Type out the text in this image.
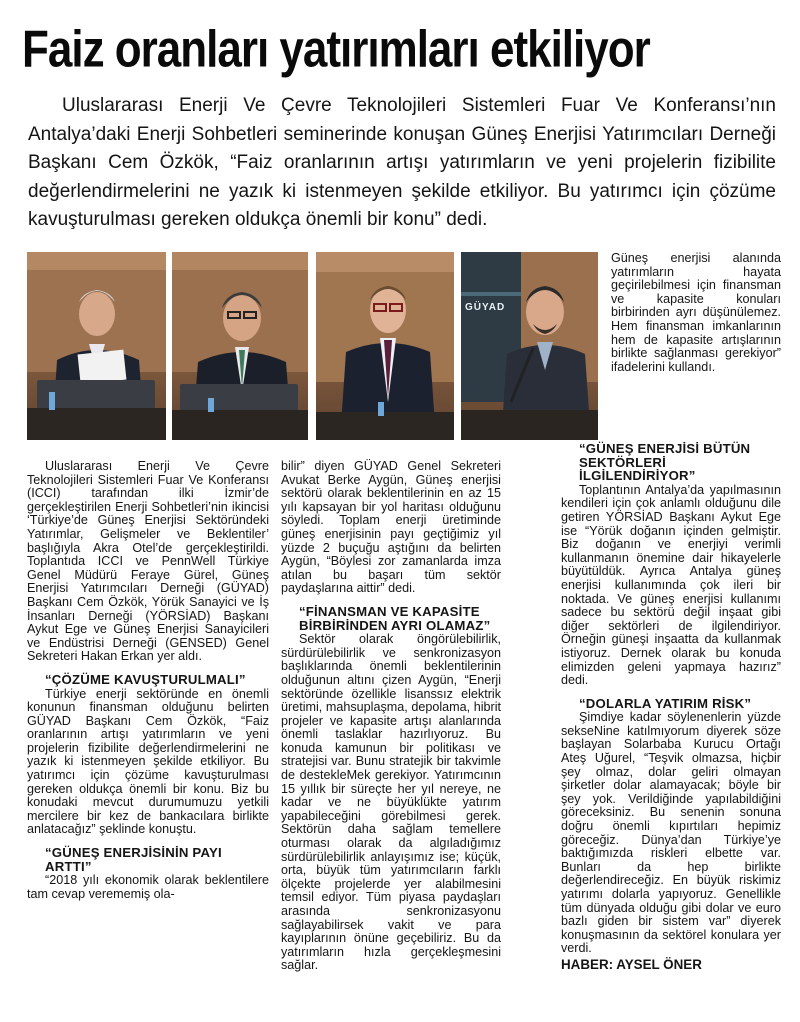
Faiz oranları yatırımları etkiliyor

Uluslararası Enerji Ve Çevre Teknolojileri Sistemleri Fuar Ve Konferansı’nın Antalya’daki Enerji Sohbetleri seminerinde konuşan Güneş Enerjisi Yatırımcıları Derneği Başkanı Cem Özkök, “Faiz oranlarının artışı yatırımların ve yeni projelerin fizibilite değerlendirmelerini ne yazık ki istenmeyen şekilde etkiliyor. Bu yatırımcı için çözüme kavuşturulması gereken oldukça önemli bir konu” dedi.

GÜYAD

Uluslararası Enerji Ve Çevre Teknolojileri Sistemleri Fuar Ve Konferansı (ICCI) tarafından ilki İzmir’de gerçekleştirilen Enerji Sohbetleri’nin ikincisi ‘Türkiye’de Güneş Enerjisi Sektöründeki Yatırımlar, Gelişmeler ve Beklentiler’ başlığıyla Akra Otel’de gerçekleştirildi. Toplantıda ICCI ve PennWell Türkiye Genel Müdürü Feraye Gürel, Güneş Enerjisi Yatırımcıları Derneği (GÜYAD) Başkanı Cem Özkök, Yörük Sanayici ve İş İnsanları Derneği (YÖRSİAD) Başkanı Aykut Ege ve Güneş Enerjisi Sanayicileri ve Endüstrisi Derneği (GENSED) Genel Sekreteri Hakan Erkan yer aldı.

“ÇÖZÜME KAVUŞTURULMALI”

Türkiye enerji sektöründe en önemli konunun finansman olduğunu belirten GÜYAD Başkanı Cem Özkök, “Faiz oranlarının artışı yatırımların ve yeni projelerin fizibilite değerlendirmelerini ne yazık ki istenmeyen şekilde etkiliyor. Bu yatırımcı için çözüme kavuşturulması gereken oldukça önemli bir konu. Biz bu konudaki mevcut durumumuzu yetkili mercilere bir kez de bankacılara birlikte anlatacağız” şeklinde konuştu.

“GÜNEŞ ENERJİSİNİN PAYI ARTTI”

“2018 yılı ekonomik olarak beklentilere tam cevap verememiş ola-

bilir” diyen GÜYAD Genel Sekreteri Avukat Berke Aygün, Güneş enerjisi sektörü olarak beklentilerinin en az 15 yılı kapsayan bir yol haritası olduğunu söyledi. Toplam enerji üretiminde güneş enerjisinin payı geçtiğimiz yıl yüzde 2 buçuğu aştığını da belirten Aygün, “Böylesi zor zamanlarda imza atılan bu başarı tüm sektör paydaşlarına aittir” dedi.

“FİNANSMAN VE KAPASİTE BİRBİRİNDEN AYRI OLAMAZ”

Sektör olarak öngörülebilirlik, sürdürülebilirlik ve senkronizasyon başlıklarında önemli beklentilerinin olduğunun altını çizen Aygün, “Enerji sektöründe özellikle lisanssız elektrik üretimi, mahsuplaşma, depolama, hibrit projeler ve kapasite artışı alanlarında önemli taslaklar hazırlıyoruz. Bu konuda kamunun bir politikası ve stratejisi var. Bunu stratejik bir takvimle de destekleMek gerekiyor. Yatırımcının 15 yıllık bir süreçte her yıl nereye, ne kadar ve ne büyüklükte yatırım yapabileceğini görebilmesi gerek. Sektörün daha sağlam temellere oturması olarak da algıladığımız sürdürülebilirlik anlayışımız ise; küçük, orta, büyük tüm yatırımcıların farklı ölçekte projelerde yer alabilmesini temsil ediyor. Tüm piyasa paydaşları arasında senkronizasyonu sağlayabilirsek vakit ve para kayıplarının önüne geçebiliriz. Bu da yatırımların hızla gerçekleşmesini sağlar.

Güneş enerjisi alanında yatırımların hayata geçirilebilmesi için finansman ve kapasite konuları birbirinden ayrı düşünülemez. Hem finansman imkanlarının hem de kapasite artışlarının birlikte sağlanması gerekiyor” ifadelerini kullandı.

“GÜNEŞ ENERJİSİ BÜTÜN SEKTÖRLERİ İLGİLENDİRİYOR”

Toplantının Antalya’da yapılmasının kendileri için çok anlamlı olduğunu dile getiren YÖRSİAD Başkanı Aykut Ege ise “Yörük doğanın içinden gelmiştir. Biz doğanın ve enerjiyi verimli kullanmanın önemine dair hikayelerle büyütüldük. Ayrıca Antalya güneş enerjisi kullanımında çok ileri bir noktada. Ve güneş enerjisi kullanımı sadece bu sektörü değil inşaat gibi diğer sektörleri de ilgilendiriyor. Örneğin güneşi inşaatta da kullanmak istiyoruz. Dernek olarak bu konuda elimizden geleni yapmaya hazırız” dedi.

“DOLARLA YATIRIM RİSK”

Şimdiye kadar söylenenlerin yüzde sekseNine katılmıyorum diyerek söze başlayan Solarbaba Kurucu Ortağı Ateş Uğurel, “Teşvik olmazsa, hiçbir şey olmaz, dolar geliri olmayan şirketler dolar alamayacak; böyle bir şey yok. Verildiğinde yapılabildiğini göreceksiniz. Bu senenin sonuna doğru önemli kıpırtıları hepimiz göreceğiz. Dünya’dan Türkiye’ye baktığımızda riskleri elbette var. Bunları da hep birlikte değerlendireceğiz. En büyük riskimiz yatırımı dolarla yapıyoruz. Genellikle tüm dünyada olduğu gibi dolar ve euro bazlı giden bir sistem var” diyerek konuşmasının da sektörel konulara yer verdi.

HABER: AYSEL ÖNER
